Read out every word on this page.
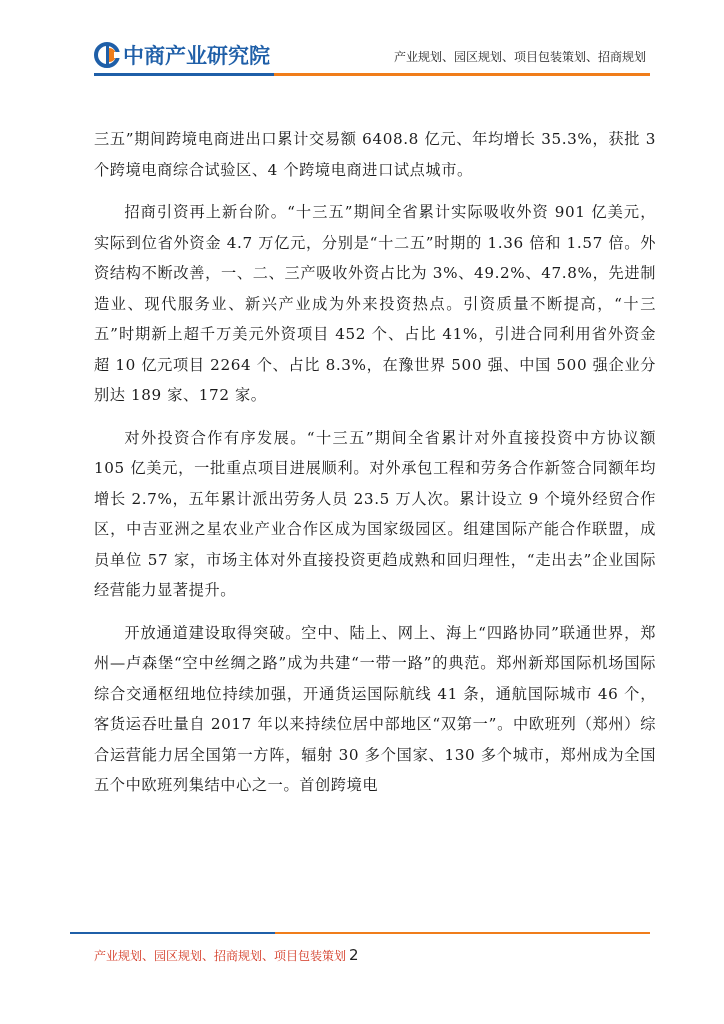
中商产业研究院	产业规划、园区规划、项目包装策划、招商规划

三五”期间跨境电商进出口累计交易额 6408.8 亿元、年均增长 35.3%，获批 3 个跨境电商综合试验区、4 个跨境电商进口试点城市。

招商引资再上新台阶。“十三五”期间全省累计实际吸收外资 901 亿美元，实际到位省外资金 4.7 万亿元，分别是“十二五”时期的 1.36 倍和 1.57 倍。外资结构不断改善，一、二、三产吸收外资占比为 3%、49.2%、47.8%，先进制造业、现代服务业、新兴产业成为外来投资热点。引资质量不断提高，“十三五”时期新上超千万美元外资项目 452 个、占比 41%，引进合同利用省外资金超 10 亿元项目 2264 个、占比 8.3%，在豫世界 500 强、中国 500 强企业分别达 189 家、172 家。

对外投资合作有序发展。“十三五”期间全省累计对外直接投资中方协议额 105 亿美元，一批重点项目进展顺利。对外承包工程和劳务合作新签合同额年均增长 2.7%，五年累计派出劳务人员 23.5 万人次。累计设立 9 个境外经贸合作区，中吉亚洲之星农业产业合作区成为国家级园区。组建国际产能合作联盟，成员单位 57 家，市场主体对外直接投资更趋成熟和回归理性，“走出去”企业国际经营能力显著提升。

开放通道建设取得突破。空中、陆上、网上、海上“四路协同”联通世界，郑州—卢森堡“空中丝绸之路”成为共建“一带一路”的典范。郑州新郑国际机场国际综合交通枢纽地位持续加强，开通货运国际航线 41 条，通航国际城市 46 个，客货运吞吐量自 2017 年以来持续位居中部地区“双第一”。中欧班列（郑州）综合运营能力居全国第一方阵，辐射 30 多个国家、130 多个城市，郑州成为全国五个中欧班列集结中心之一。首创跨境电

产业规划、园区规划、招商规划、项目包装策划 2
